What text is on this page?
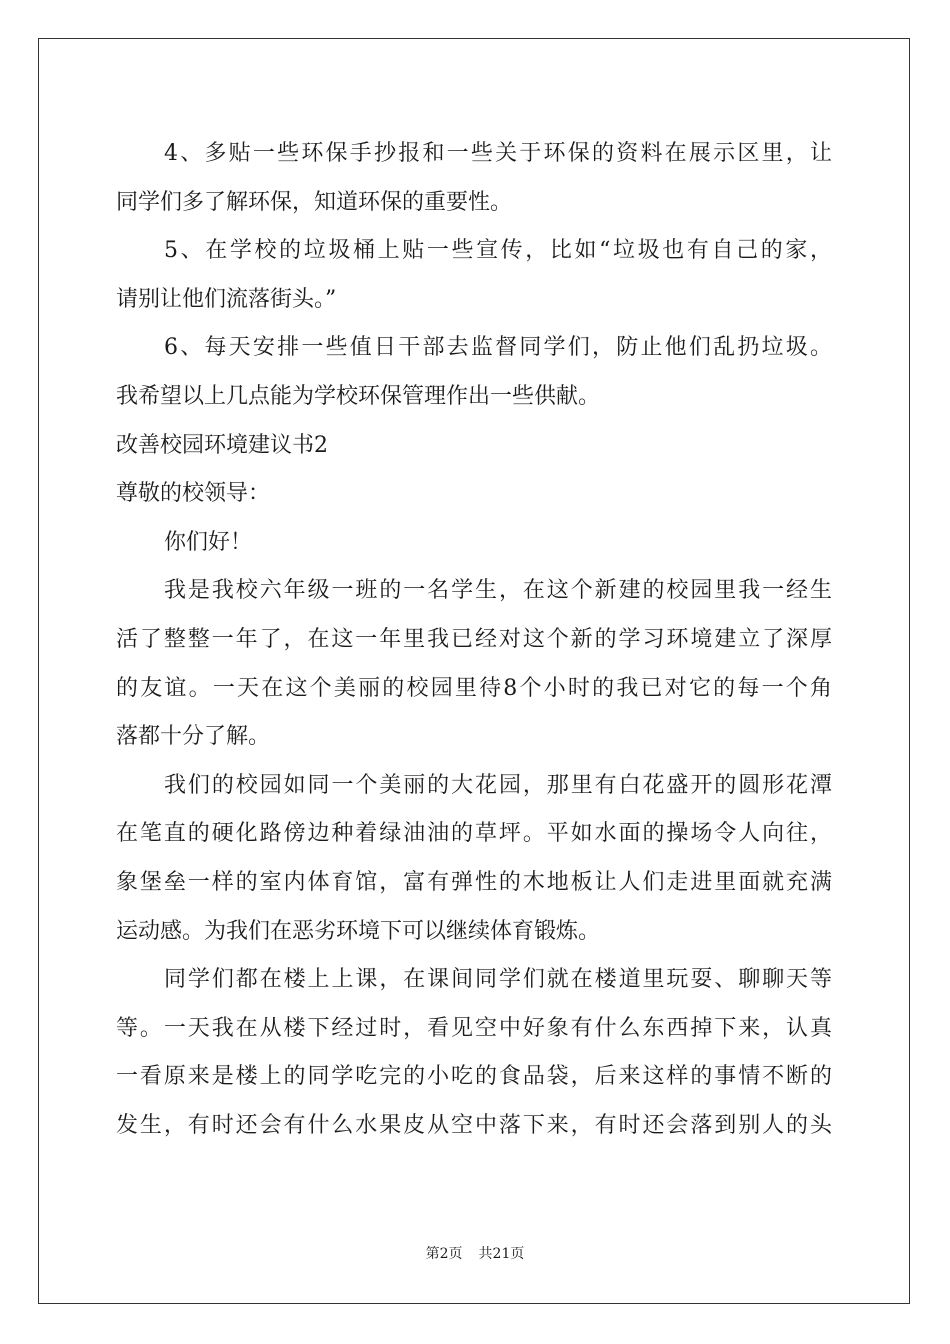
4、多贴一些环保手抄报和一些关于环保的资料在展示区里，让
同学们多了解环保，知道环保的重要性。
5、在学校的垃圾桶上贴一些宣传，比如“垃圾也有自己的家，
请别让他们流落街头。”
6、每天安排一些值日干部去监督同学们，防止他们乱扔垃圾。
我希望以上几点能为学校环保管理作出一些供献。
改善校园环境建议书2
尊敬的校领导：
你们好！
我是我校六年级一班的一名学生，在这个新建的校园里我一经生
活了整整一年了，在这一年里我已经对这个新的学习环境建立了深厚
的友谊。一天在这个美丽的校园里待8个小时的我已对它的每一个角
落都十分了解。
我们的校园如同一个美丽的大花园，那里有白花盛开的圆形花潭
在笔直的硬化路傍边种着绿油油的草坪。平如水面的操场令人向往，
象堡垒一样的室内体育馆，富有弹性的木地板让人们走进里面就充满
运动感。为我们在恶劣环境下可以继续体育锻炼。
同学们都在楼上上课，在课间同学们就在楼道里玩耍、聊聊天等
等。一天我在从楼下经过时，看见空中好象有什么东西掉下来，认真
一看原来是楼上的同学吃完的小吃的食品袋，后来这样的事情不断的
发生，有时还会有什么水果皮从空中落下来，有时还会落到别人的头
第2页 共21页
